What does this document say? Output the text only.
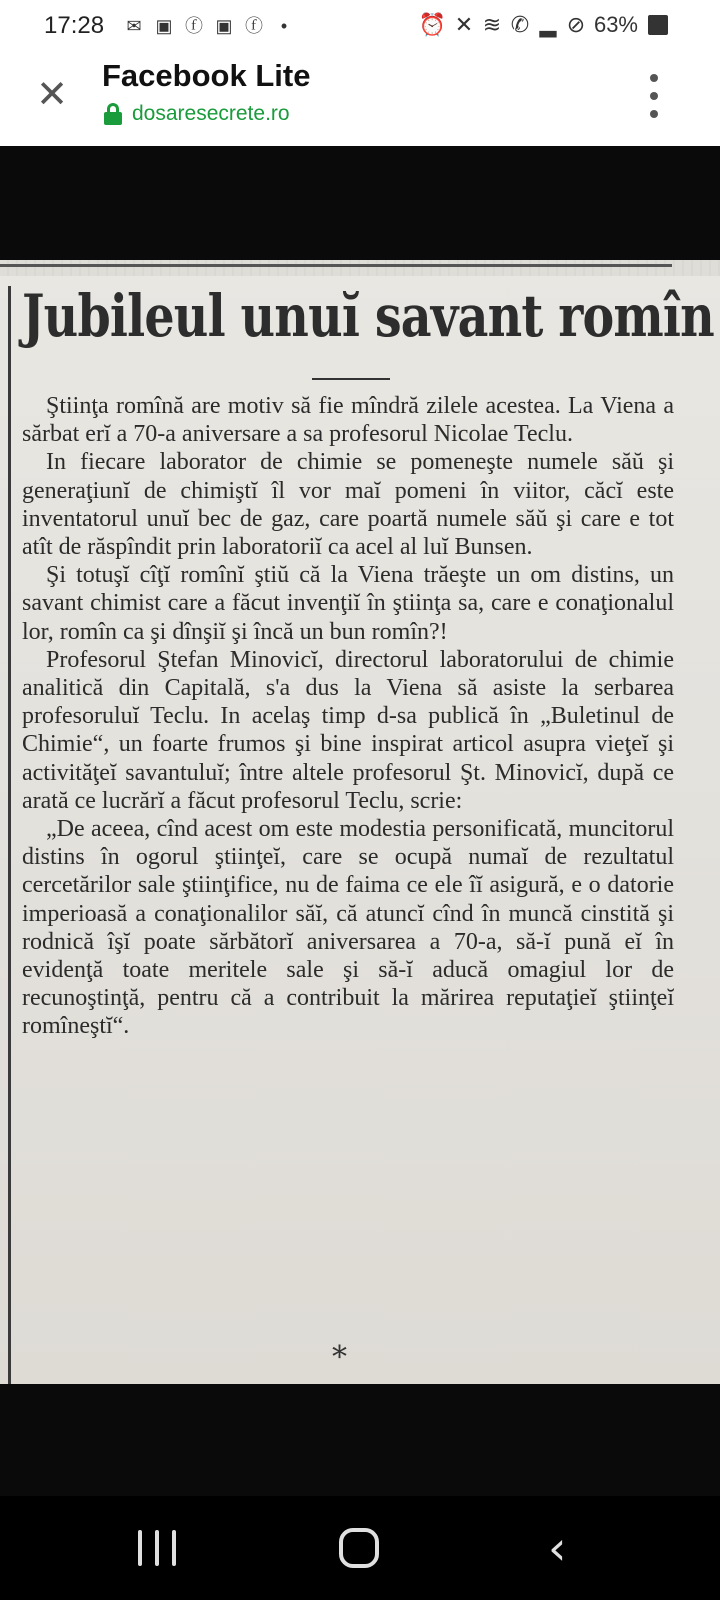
17:28 ✉ ▣ ⓕ ▣ ⓕ •	⏰ ✕ ≋ ✆ ▂ ⊘ 63%
✕ Facebook Lite
dosaresecrete.ro
Jubileul unuĭ savant romîn

Ştiinţa romînă are motiv să fie mîndră zilele acestea. La Viena a sărbat erĭ a 70-a aniversare a sa profesorul Nicolae Teclu.

In fiecare laborator de chimie se pomeneşte numele săŭ şi generaţiunĭ de chimiştĭ îl vor maĭ pomeni în viitor, căcĭ este inventatorul unuĭ bec de gaz, care poartă numele săŭ şi care e tot atît de răspîndit prin laboratoriĭ ca acel al luĭ Bunsen.

Şi totuşĭ cîţĭ romînĭ ştiŭ că la Viena trăeşte un om distins, un savant chimist care a făcut invenţiĭ în ştiinţa sa, care e conaţionalul lor, romîn ca şi dînşiĭ şi încă un bun romîn?!

Profesorul Ştefan Minovicĭ, directorul laboratorului de chimie analitică din Capitală, s'a dus la Viena să asiste la serbarea profesoruluĭ Teclu. In acelaş timp d-sa publică în „Buletinul de Chimie“, un foarte frumos şi bine inspirat articol asupra vieţeĭ şi activităţeĭ savantuluĭ; între altele profesorul Şt. Minovicĭ, după ce arată ce lucrărĭ a făcut profesorul Teclu, scrie:

„De aceea, cînd acest om este modestia personificată, muncitorul distins în ogorul ştiinţeĭ, care se ocupă numaĭ de rezultatul cercetărilor sale ştiinţifice, nu de faima ce ele îĭ asigură, e o datorie imperioasă a conaţionalilor săĭ, că atuncĭ cînd în muncă cinstită şi rodnică îşĭ poate sărbătorĭ aniversarea a 70-a, să-ĭ pună eĭ în evidenţă toate meritele sale şi să-ĭ aducă omagiul lor de recunoştinţă, pentru că a contribuit la mărirea reputaţieĭ ştiinţeĭ romîneştĭ“.

*
‹
